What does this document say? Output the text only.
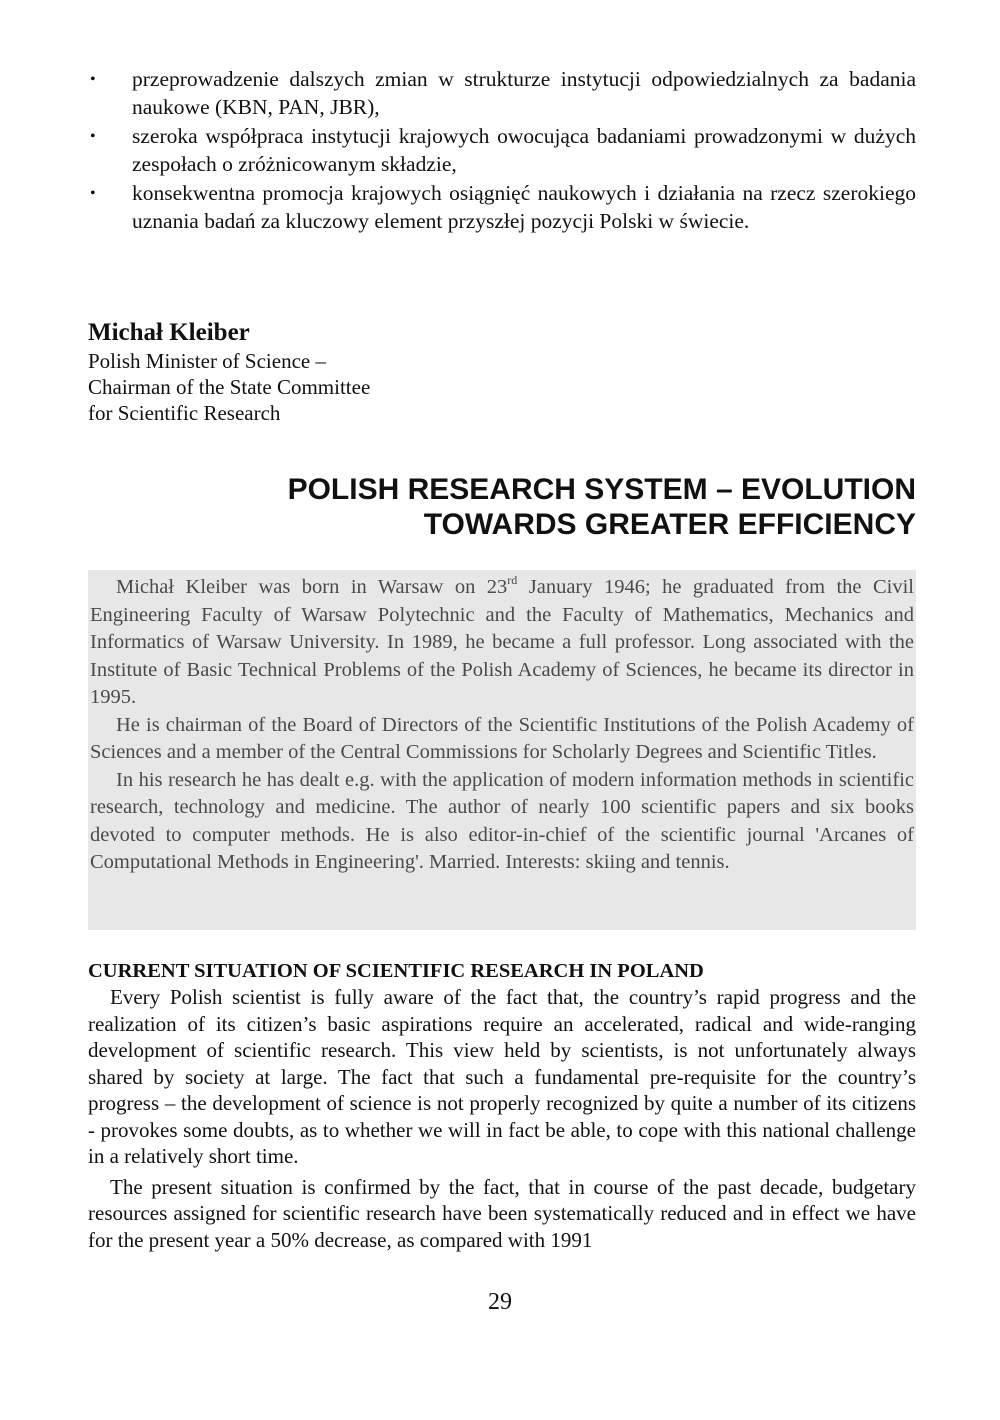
• przeprowadzenie dalszych zmian w strukturze instytucji odpowiedzialnych za badania naukowe (KBN, PAN, JBR),
• szeroka współpraca instytucji krajowych owocująca badaniami prowadzonymi w dużych zespołach o zróżnicowanym składzie,
• konsekwentna promocja krajowych osiągnięć naukowych i działania na rzecz szerokiego uznania badań za kluczowy element przyszłej pozycji Polski w świecie.

Michał Kleiber

Polish Minister of Science –

Chairman of the State Committee

for Scientific Research

POLISH RESEARCH SYSTEM – EVOLUTION
TOWARDS GREATER EFFICIENCY

Michał Kleiber was born in Warsaw on 23rd January 1946; he graduated from the Civil Engineering Faculty of Warsaw Polytechnic and the Faculty of Mathematics, Mechanics and Informatics of Warsaw University. In 1989, he became a full professor. Long associated with the Institute of Basic Technical Problems of the Polish Academy of Sciences, he became its director in 1995.

He is chairman of the Board of Directors of the Scientific Institutions of the Polish Academy of Sciences and a member of the Central Commissions for Scholarly Degrees and Scientific Titles.

In his research he has dealt e.g. with the application of modern information methods in scientific research, technology and medicine. The author of nearly 100 scientific papers and six books devoted to computer methods. He is also editor-in-chief of the scientific journal 'Arcanes of Computational Methods in Engineering'. Married. Interests: skiing and tennis.

CURRENT SITUATION OF SCIENTIFIC RESEARCH IN POLAND

Every Polish scientist is fully aware of the fact that, the country’s rapid progress and the realization of its citizen’s basic aspirations require an accelerated, radical and wide-ranging development of scientific research. This view held by scientists, is not unfortunately always shared by society at large. The fact that such a fundamental pre-requisite for the country’s progress – the development of science is not properly recognized by quite a number of its citizens - provokes some doubts, as to whether we will in fact be able, to cope with this national challenge in a relatively short time.

The present situation is confirmed by the fact, that in course of the past decade, budgetary resources assigned for scientific research have been systematically reduced and in effect we have for the present year a 50% decrease, as compared with 1991

29
